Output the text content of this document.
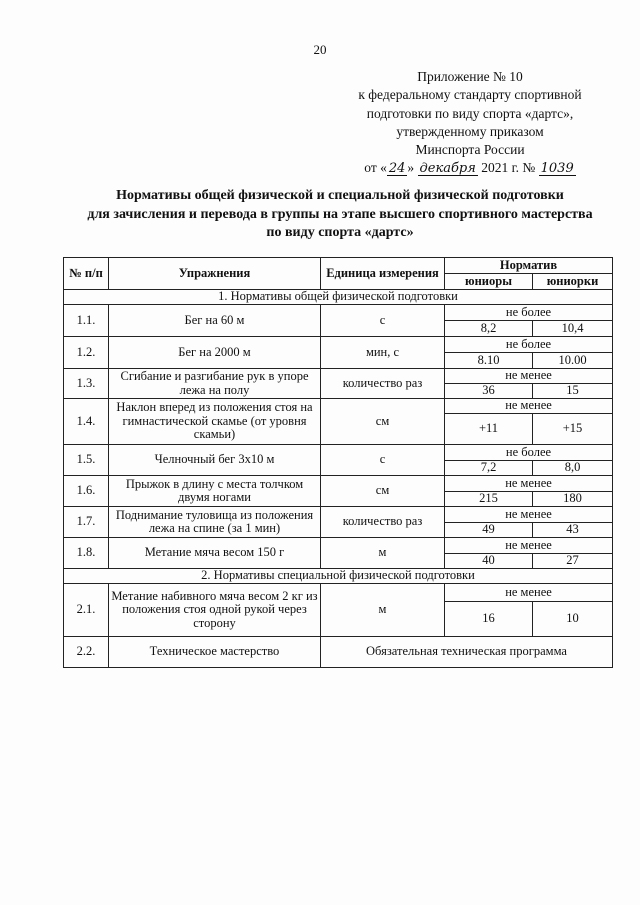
20
Приложение № 10
к федеральному стандарту спортивной
подготовки по виду спорта «дартс»,
утвержденному приказом
Минспорта России
от « 24 » декабря 2021 г. № 1039
Нормативы общей физической и специальной физической подготовки
для зачисления и перевода в группы на этапе высшего спортивного мастерства
по виду спорта «дартс»
№ п/п	Упражнения	Единица измерения	Норматив	
			юниоры	юниорки
1. Нормативы общей физической подготовки				
1.1.	Бег на 60 м	с	не более	
			8,2	10,4
1.2.	Бег на 2000 м	мин, с	не более	
			8.10	10.00
1.3.	Сгибание и разгибание рук в упоре лежа на полу	количество раз	не менее	
			36	15
1.4.	Наклон вперед из положения стоя на гимнастической скамье (от уровня скамьи)	см	не менее	
			+11	+15
1.5.	Челночный бег 3х10 м	с	не более	
			7,2	8,0
1.6.	Прыжок в длину с места толчком двумя ногами	см	не менее	
			215	180
1.7.	Поднимание туловища из положения лежа на спине (за 1 мин)	количество раз	не менее	
			49	43
1.8.	Метание мяча весом 150 г	м	не менее	
			40	27
2. Нормативы специальной физической подготовки				
2.1.	Метание набивного мяча весом 2 кг из положения стоя одной рукой через сторону	м	не менее	
			16	10
2.2.	Техническое мастерство	Обязательная техническая программа		
